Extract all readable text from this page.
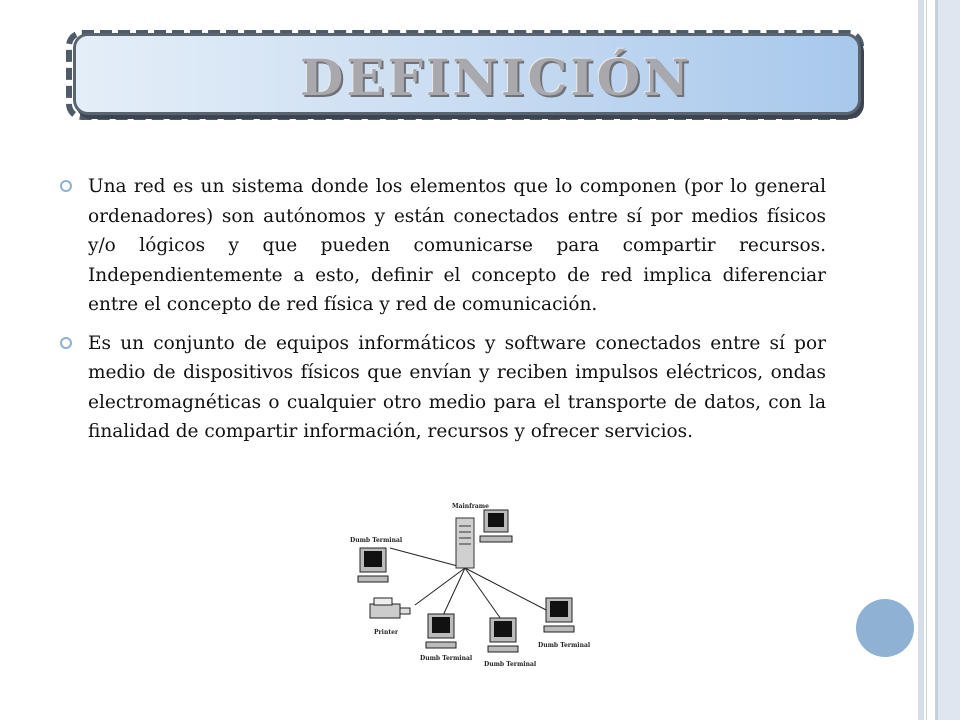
DEFINICIÓN

Una red es un sistema donde los elementos que lo componen (por lo general ordenadores) son autónomos y están conectados entre sí por medios físicos y/o lógicos y que pueden comunicarse para compartir recursos. Independientemente a esto, definir el concepto de red implica diferenciar entre el concepto de red física y red de comunicación.

Es un conjunto de equipos informáticos y software conectados entre sí por medio de dispositivos físicos que envían y reciben impulsos eléctricos, ondas electromagnéticas o cualquier otro medio para el transporte de datos, con la finalidad de compartir información, recursos y ofrecer servicios.

Mainframe
Dumb Terminal
Printer
Dumb Terminal
Dumb Terminal
Dumb Terminal
